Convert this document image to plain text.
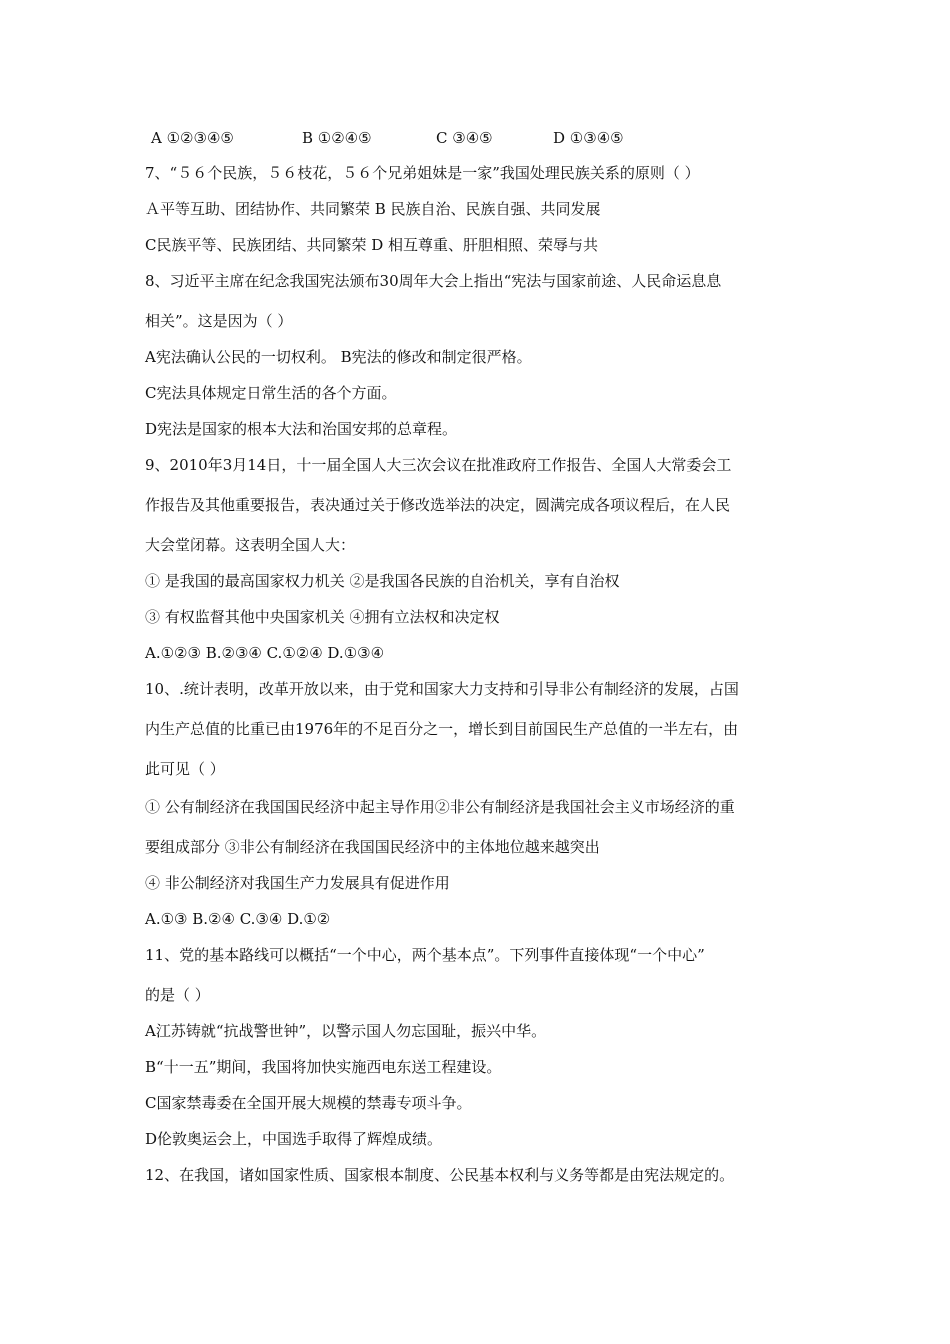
A ①②③④⑤	B ①②④⑤	C ③④⑤	D ①③④⑤
7、“５６个民族，５６枝花，５６个兄弟姐妹是一家”我国处理民族关系的原则（ ）
Ａ平等互助、团结协作、共同繁荣 B 民族自治、民族自强、共同发展
C民族平等、民族团结、共同繁荣 D 相互尊重、肝胆相照、荣辱与共
8、习近平主席在纪念我国宪法颁布30周年大会上指出“宪法与国家前途、人民命运息息
相关”。这是因为（ ）
A宪法确认公民的一切权利。 B宪法的修改和制定很严格。
C宪法具体规定日常生活的各个方面。
D宪法是国家的根本大法和治国安邦的总章程。
9、2010年3月14日，十一届全国人大三次会议在批准政府工作报告、全国人大常委会工
作报告及其他重要报告，表决通过关于修改选举法的决定，圆满完成各项议程后，在人民
大会堂闭幕。这表明全国人大：
① 是我国的最高国家权力机关 ②是我国各民族的自治机关，享有自治权
③ 有权监督其他中央国家机关 ④拥有立法权和决定权
A.①②③ B.②③④ C.①②④ D.①③④
10、.统计表明，改革开放以来，由于党和国家大力支持和引导非公有制经济的发展，占国
内生产总值的比重已由1976年的不足百分之一，增长到目前国民生产总值的一半左右，由
此可见（ ）
① 公有制经济在我国国民经济中起主导作用②非公有制经济是我国社会主义市场经济的重
要组成部分 ③非公有制经济在我国国民经济中的主体地位越来越突出
④ 非公制经济对我国生产力发展具有促进作用
A.①③ B.②④ C.③④ D.①②
11、党的基本路线可以概括“一个中心，两个基本点”。下列事件直接体现“一个中心”
的是（ ）
A江苏铸就“抗战警世钟”，以警示国人勿忘国耻，振兴中华。
B“十一五”期间，我国将加快实施西电东送工程建设。
C国家禁毒委在全国开展大规模的禁毒专项斗争。
D伦敦奥运会上，中国选手取得了辉煌成绩。
12、在我国，诸如国家性质、国家根本制度、公民基本权利与义务等都是由宪法规定的。
